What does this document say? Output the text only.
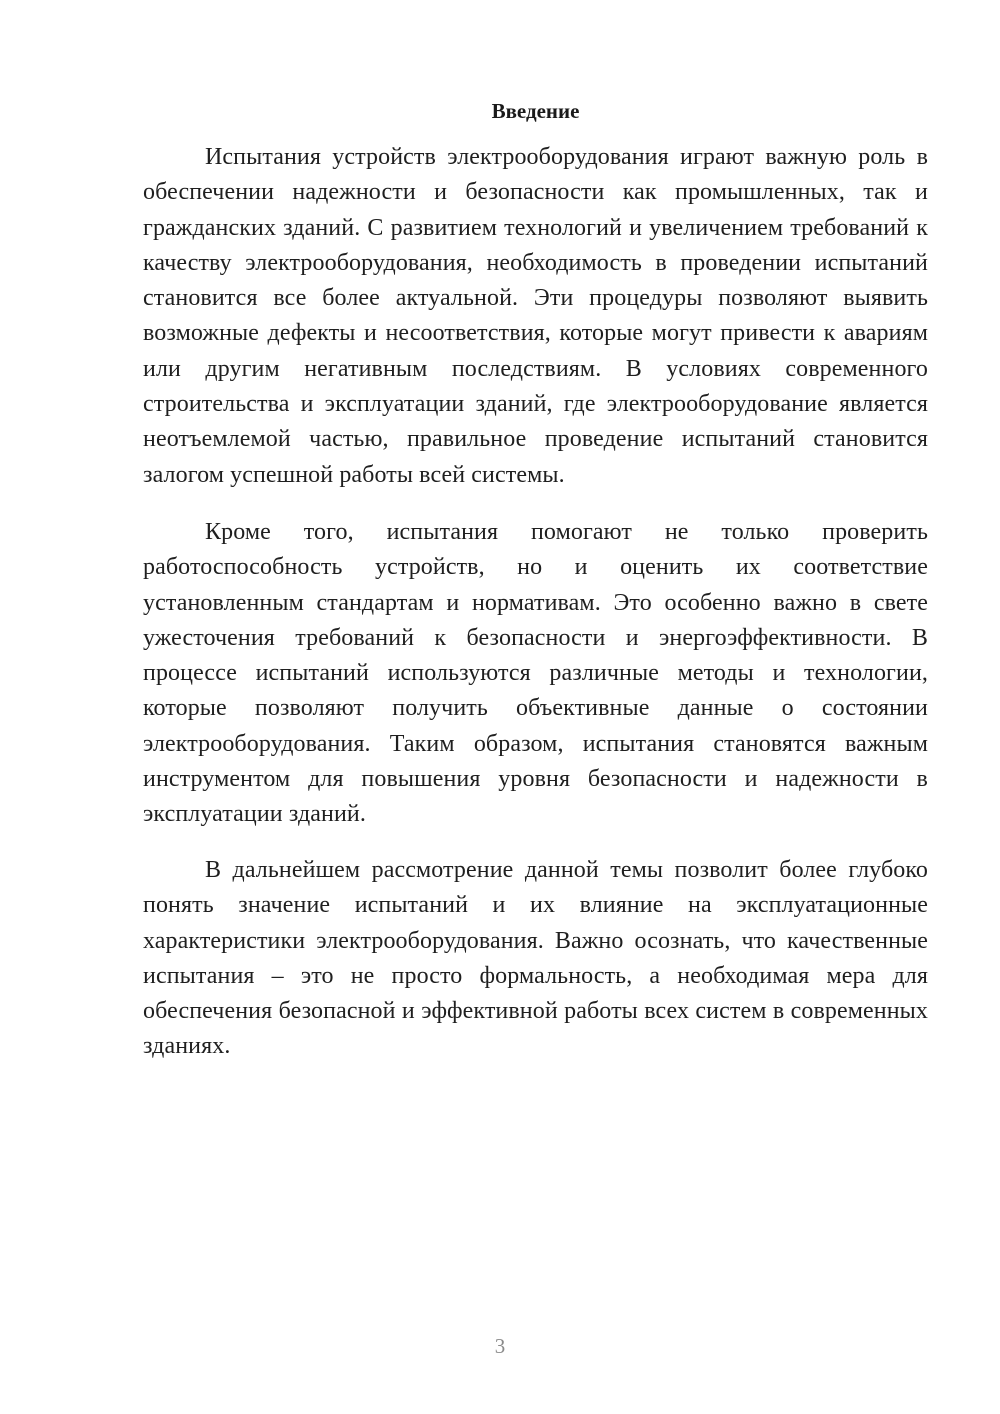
Введение

Испытания устройств электрооборудования играют важную роль в обеспечении надежности и безопасности как промышленных, так и гражданских зданий. С развитием технологий и увеличением требований к качеству электрооборудования, необходимость в проведении испытаний становится все более актуальной. Эти процедуры позволяют выявить возможные дефекты и несоответствия, которые могут привести к авариям или другим негативным последствиям. В условиях современного строительства и эксплуатации зданий, где электрооборудование является неотъемлемой частью, правильное проведение испытаний становится залогом успешной работы всей системы.

Кроме того, испытания помогают не только проверить работоспособность устройств, но и оценить их соответствие установленным стандартам и нормативам. Это особенно важно в свете ужесточения требований к безопасности и энергоэффективности. В процессе испытаний используются различные методы и технологии, которые позволяют получить объективные данные о состоянии электрооборудования. Таким образом, испытания становятся важным инструментом для повышения уровня безопасности и надежности в эксплуатации зданий.

В дальнейшем рассмотрение данной темы позволит более глубоко понять значение испытаний и их влияние на эксплуатационные характеристики электрооборудования. Важно осознать, что качественные испытания – это не просто формальность, а необходимая мера для обеспечения безопасной и эффективной работы всех систем в современных зданиях.

3
